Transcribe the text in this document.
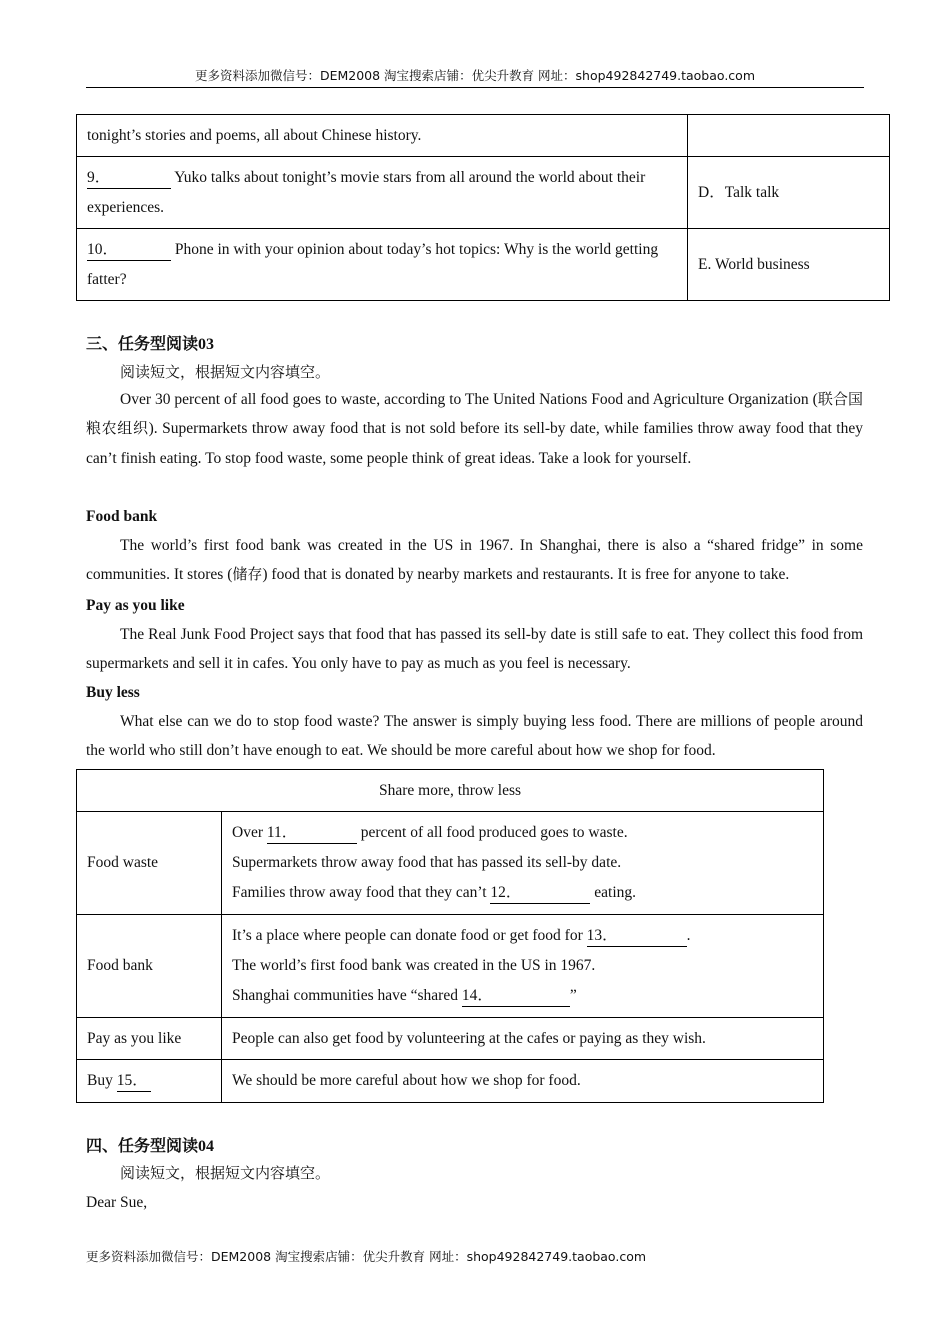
更多资料添加微信号：DEM2008 淘宝搜索店铺：优尖升教育 网址：shop492842749.taobao.com
tonight’s stories and poems, all about Chinese history.	
9． Yuko talks about tonight’s movie stars from all around the world about their experiences.	D．Talk talk
10． Phone in with your opinion about today’s hot topics: Why is the world getting fatter?	E. World business
三、任务型阅读03
阅读短文，根据短文内容填空。
Over 30 percent of all food goes to waste, according to The United Nations Food and Agriculture Organization (联合国粮农组织). Supermarkets throw away food that is not sold before its sell-by date, while families throw away food that they can’t finish eating. To stop food waste, some people think of great ideas. Take a look for yourself.
Food bank
The world’s first food bank was created in the US in 1967. In Shanghai, there is also a “shared fridge” in some communities. It stores (储存) food that is donated by nearby markets and restaurants. It is free for anyone to take.
Pay as you like
The Real Junk Food Project says that food that has passed its sell-by date is still safe to eat. They collect this food from supermarkets and sell it in cafes. You only have to pay as much as you feel is necessary.
Buy less
What else can we do to stop food waste? The answer is simply buying less food. There are millions of people around the world who still don’t have enough to eat. We should be more careful about how we shop for food.
Share more, throw less	
Food waste	Over 11． percent of all food produced goes to waste.
Supermarkets throw away food that has passed its sell-by date.
Families throw away food that they can’t 12． eating.

Food bank	It’s a place where people can donate food or get food for 13． .
The world’s first food bank was created in the US in 1967.
Shanghai communities have “shared 14． ”

Pay as you like	People can also get food by volunteering at the cafes or paying as they wish.
Buy 15．	We should be more careful about how we shop for food.
四、任务型阅读04
阅读短文，根据短文内容填空。
Dear Sue,
更多资料添加微信号：DEM2008 淘宝搜索店铺：优尖升教育 网址：shop492842749.taobao.com
